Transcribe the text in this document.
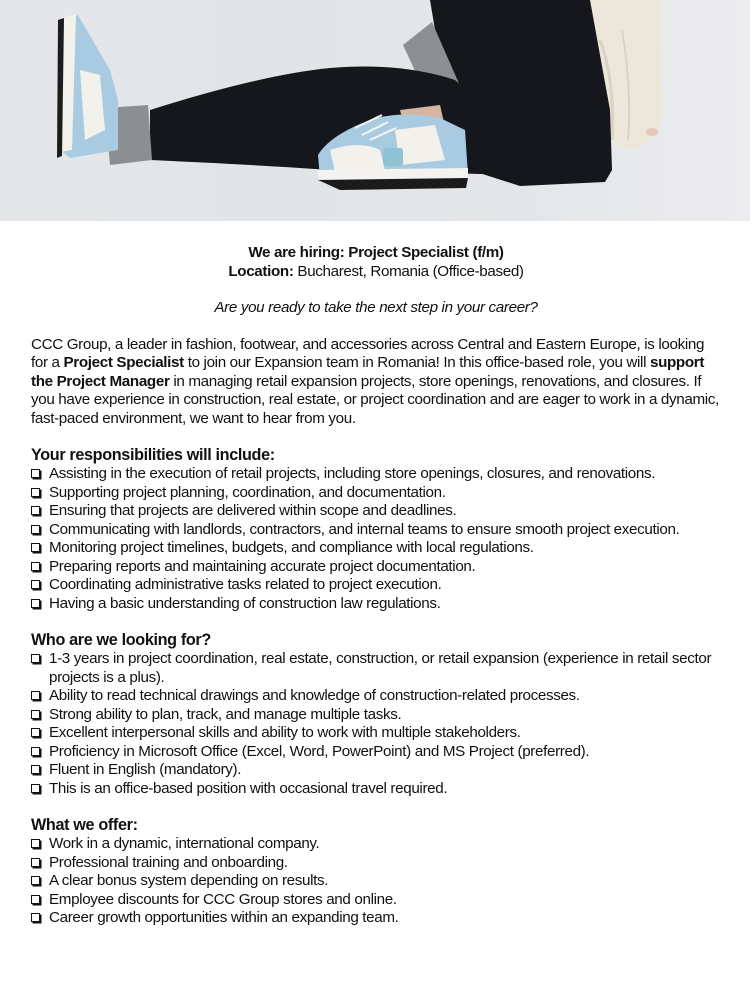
We are hiring: Project Specialist (f/m)
Location: Bucharest, Romania (Office-based)
Are you ready to take the next step in your career?
CCC Group, a leader in fashion, footwear, and accessories across Central and Eastern Europe, is looking for a Project Specialist to join our Expansion team in Romania! In this office-based role, you will support the Project Manager in managing retail expansion projects, store openings, renovations, and closures. If you have experience in construction, real estate, or project coordination and are eager to work in a dynamic, fast-paced environment, we want to hear from you.
Your responsibilities will include:
Assisting in the execution of retail projects, including store openings, closures, and renovations.
Supporting project planning, coordination, and documentation.
Ensuring that projects are delivered within scope and deadlines.
Communicating with landlords, contractors, and internal teams to ensure smooth project execution.
Monitoring project timelines, budgets, and compliance with local regulations.
Preparing reports and maintaining accurate project documentation.
Coordinating administrative tasks related to project execution.
Having a basic understanding of construction law regulations.
Who are we looking for?
1-3 years in project coordination, real estate, construction, or retail expansion (experience in retail sector projects is a plus).
Ability to read technical drawings and knowledge of construction-related processes.
Strong ability to plan, track, and manage multiple tasks.
Excellent interpersonal skills and ability to work with multiple stakeholders.
Proficiency in Microsoft Office (Excel, Word, PowerPoint) and MS Project (preferred).
Fluent in English (mandatory).
This is an office-based position with occasional travel required.
What we offer:
Work in a dynamic, international company.
Professional training and onboarding.
A clear bonus system depending on results.
Employee discounts for CCC Group stores and online.
Career growth opportunities within an expanding team.
